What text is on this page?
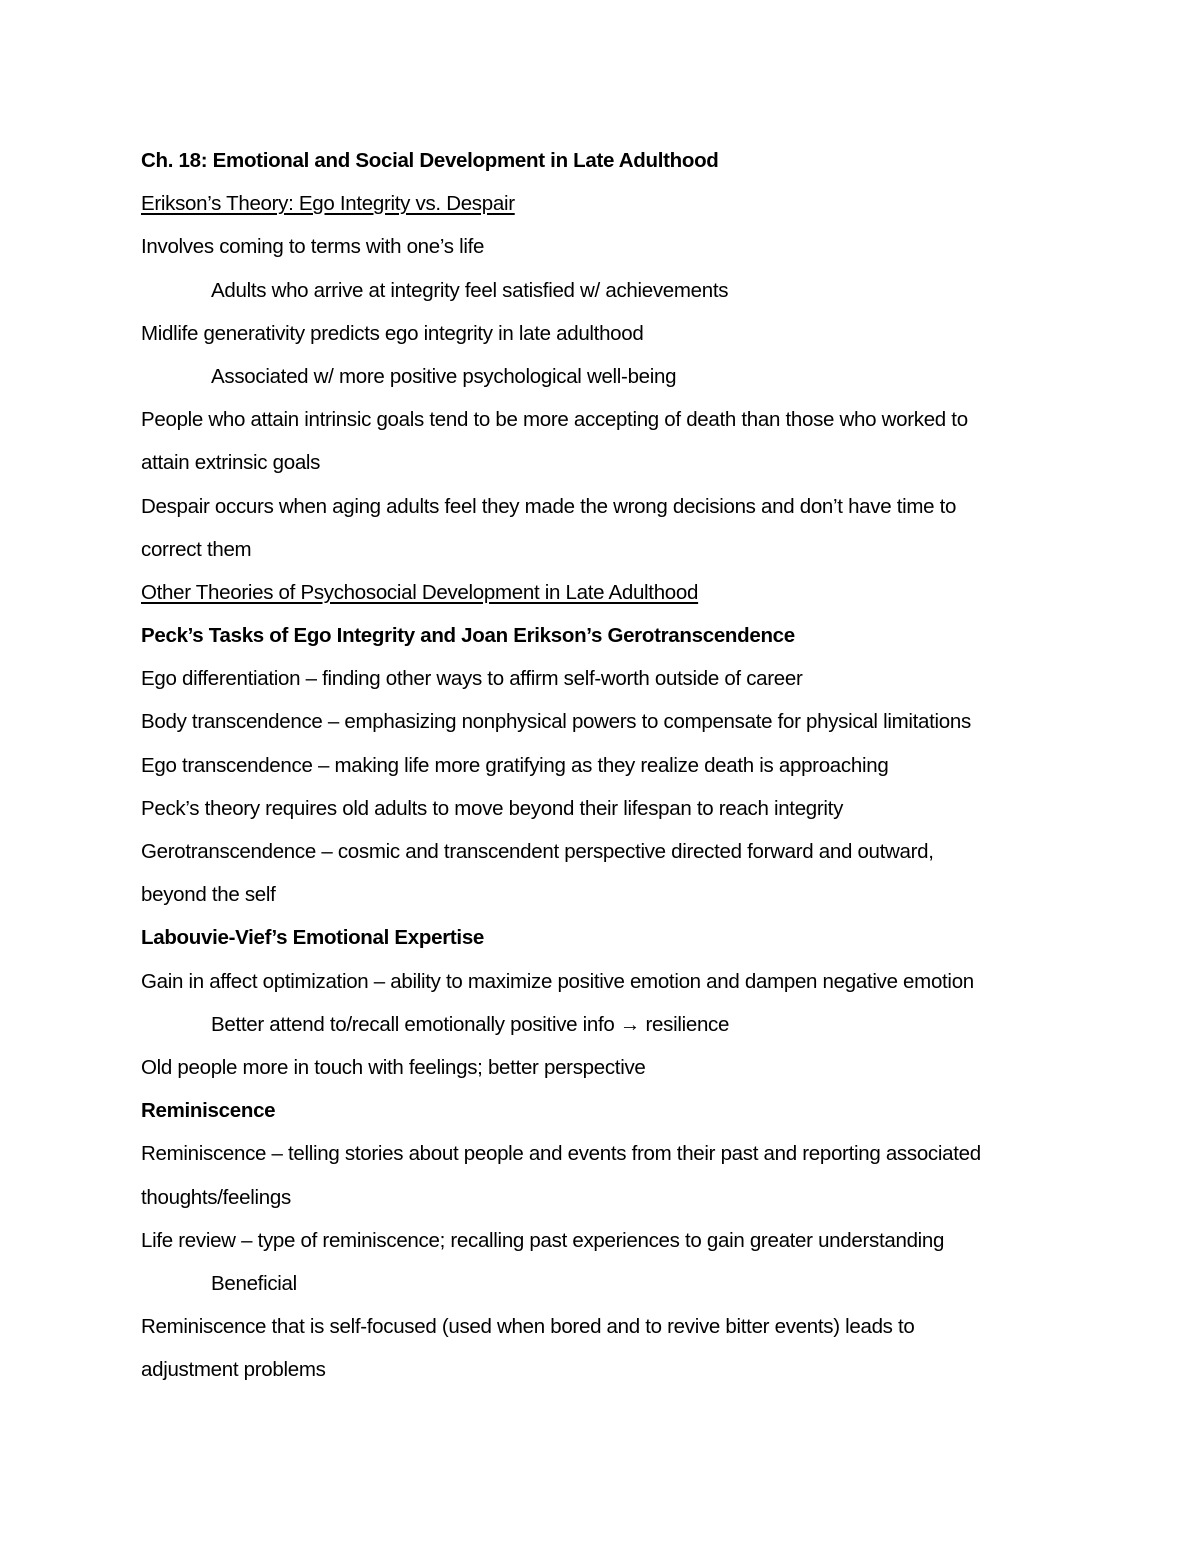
Ch. 18: Emotional and Social Development in Late Adulthood
Erikson’s Theory: Ego Integrity vs. Despair
Involves coming to terms with one’s life
Adults who arrive at integrity feel satisfied w/ achievements
Midlife generativity predicts ego integrity in late adulthood
Associated w/ more positive psychological well-being
People who attain intrinsic goals tend to be more accepting of death than those who worked to
attain extrinsic goals
Despair occurs when aging adults feel they made the wrong decisions and don’t have time to
correct them
Other Theories of Psychosocial Development in Late Adulthood
Peck’s Tasks of Ego Integrity and Joan Erikson’s Gerotranscendence
Ego differentiation – finding other ways to affirm self-worth outside of career
Body transcendence – emphasizing nonphysical powers to compensate for physical limitations
Ego transcendence – making life more gratifying as they realize death is approaching
Peck’s theory requires old adults to move beyond their lifespan to reach integrity
Gerotranscendence – cosmic and transcendent perspective directed forward and outward,
beyond the self
Labouvie-Vief’s Emotional Expertise
Gain in affect optimization – ability to maximize positive emotion and dampen negative emotion
Better attend to/recall emotionally positive info → resilience
Old people more in touch with feelings; better perspective
Reminiscence
Reminiscence – telling stories about people and events from their past and reporting associated
thoughts/feelings
Life review – type of reminiscence; recalling past experiences to gain greater understanding
Beneficial
Reminiscence that is self-focused (used when bored and to revive bitter events) leads to
adjustment problems
